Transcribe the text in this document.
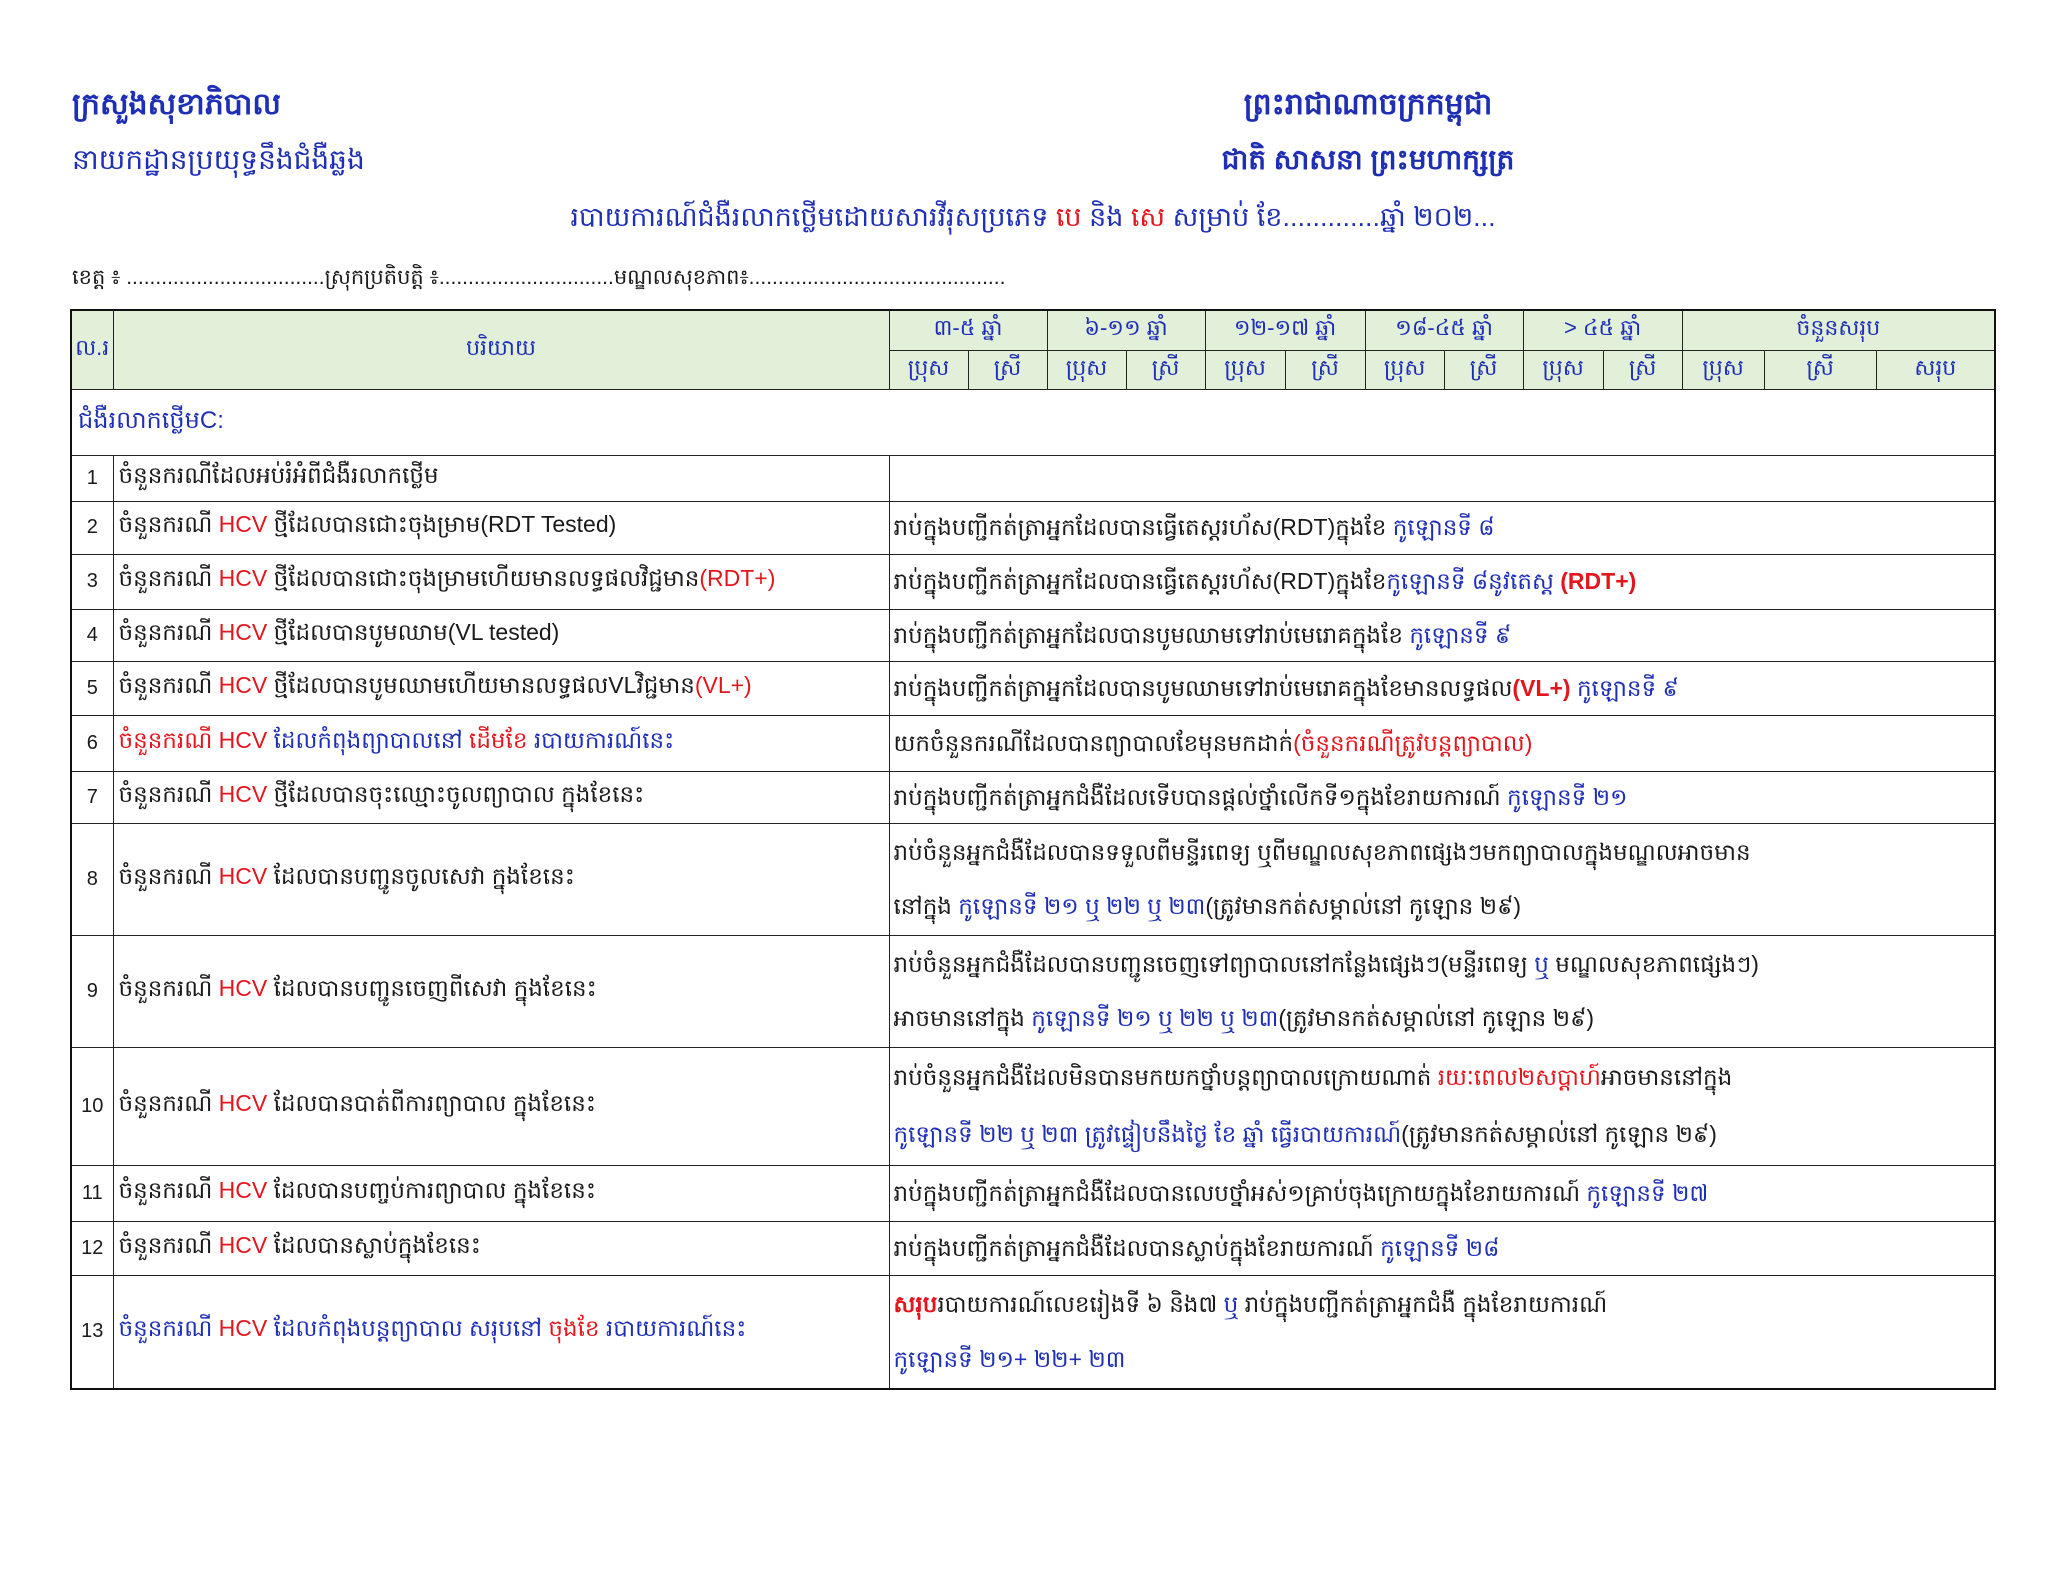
ក្រសួងសុខាភិបាល
នាយកដ្ឋានប្រយុទ្ធនឹងជំងឺឆ្លង
ព្រះរាជាណាចក្រកម្ពុជា
ជាតិ សាសនា ព្រះមហាក្សត្រ
របាយការណ៍ជំងឺរលាកថ្លើមដោយសារវីរុសប្រភេទ បេ និង សេ សម្រាប់ ខែ.............ឆ្នាំ ២០២...
ខេត្ត ៖ ..................................ស្រុកប្រតិបត្តិ ៖..............................មណ្ឌលសុខភាព៖............................................
ល.រ	បរិយាយ	៣-៥ ឆ្នាំ		៦-១១ ឆ្នាំ		១២-១៧ ឆ្នាំ		១៨-៤៥ ឆ្នាំ		> ៤៥ ឆ្នាំ		ចំនួនសរុប		
		ប្រុស	ស្រី	ប្រុស	ស្រី	ប្រុស	ស្រី	ប្រុស	ស្រី	ប្រុស	ស្រី	ប្រុស	ស្រី	សរុប
ជំងឺរលាកថ្លើមC:														
1	ចំនួនករណីដែលអប់រំអំពីជំងឺរលាកថ្លើម													
2	ចំនួនករណី HCV ថ្មីដែលបានជោះចុងម្រាម(RDT Tested)	រាប់ក្នុងបញ្ជីកត់ត្រាអ្នកដែលបានធ្វើតេស្តរហ័ស(RDT)ក្នុងខែ កូឡោនទី ៨												

3	ចំនួនករណី HCV ថ្មីដែលបានជោះចុងម្រាមហើយមានលទ្ធផលវិជ្ជមាន(RDT+)	រាប់ក្នុងបញ្ជីកត់ត្រាអ្នកដែលបានធ្វើតេស្តរហ័ស(RDT)ក្នុងខែកូឡោនទី ៨នូវតេស្ត (RDT+)												

4	ចំនួនករណី HCV ថ្មីដែលបានបូមឈាម(VL tested)	រាប់ក្នុងបញ្ជីកត់ត្រាអ្នកដែលបានបូមឈាមទៅរាប់មេរោគក្នុងខែ កូឡោនទី ៩												

5	ចំនួនករណី HCV ថ្មីដែលបានបូមឈាមហើយមានលទ្ធផលVLវិជ្ជមាន(VL+)	រាប់ក្នុងបញ្ជីកត់ត្រាអ្នកដែលបានបូមឈាមទៅរាប់មេរោគក្នុងខែមានលទ្ធផល(VL+) កូឡោនទី ៩												

6	ចំនួនករណី HCV ដែលកំពុងព្យាបាលនៅ ដើមខែ របាយការណ៍នេះ	យកចំនួនករណីដែលបានព្យាបាលខែមុនមកដាក់(ចំនួនករណីត្រូវបន្តព្យាបាល)												

7	ចំនួនករណី HCV ថ្មីដែលបានចុះឈ្មោះចូលព្យាបាល ក្នុងខែនេះ	រាប់ក្នុងបញ្ជីកត់ត្រាអ្នកជំងឺដែលទើបបានផ្តល់ថ្នាំលើកទី១ក្នុងខែរាយការណ៍ កូឡោនទី ២១												

8	ចំនួនករណី HCV ដែលបានបញ្ជូនចូលសេវា ក្នុងខែនេះ	រាប់ចំនួនអ្នកជំងឺដែលបានទទួលពីមន្ទីរពេទ្យ ឬពីមណ្ឌលសុខភាពផ្សេងៗមកព្យាបាលក្នុងមណ្ឌលអាចមាន
នៅក្នុង កូឡោនទី ២១ ឬ ២២ ឬ ២៣(ត្រូវមានកត់សម្គាល់នៅ កូឡោន ២៩)												

9	ចំនួនករណី HCV ដែលបានបញ្ជូនចេញពីសេវា ក្នុងខែនេះ	រាប់ចំនួនអ្នកជំងឺដែលបានបញ្ជូនចេញទៅព្យាបាលនៅកន្លែងផ្សេងៗ(មន្ទីរពេទ្យ ឬ មណ្ឌលសុខភាពផ្សេងៗ)
អាចមាននៅក្នុង កូឡោនទី ២១ ឬ ២២ ឬ ២៣(ត្រូវមានកត់សម្គាល់នៅ កូឡោន ២៩)												

10	ចំនួនករណី HCV ដែលបានបាត់ពីការព្យាបាល ក្នុងខែនេះ	រាប់ចំនួនអ្នកជំងឺដែលមិនបានមកយកថ្នាំបន្តព្យាបាលក្រោយណាត់ រយៈពេល២សប្តាហ៍អាចមាននៅក្នុង
កូឡោនទី ២២ ឬ ២៣ ត្រូវផ្ទៀបនឹងថ្ងៃ ខែ ឆ្នាំ ធ្វើរបាយការណ៍(ត្រូវមានកត់សម្គាល់នៅ កូឡោន ២៩)												

11	ចំនួនករណី HCV ដែលបានបញ្ចប់ការព្យាបាល ក្នុងខែនេះ	រាប់ក្នុងបញ្ជីកត់ត្រាអ្នកជំងឺដែលបានលេបថ្នាំអស់១គ្រាប់ចុងក្រោយក្នុងខែរាយការណ៍ កូឡោនទី ២៧												

12	ចំនួនករណី HCV ដែលបានស្លាប់ក្នុងខែនេះ	រាប់ក្នុងបញ្ជីកត់ត្រាអ្នកជំងឺដែលបានស្លាប់ក្នុងខែរាយការណ៍ កូឡោនទី ២៨												

13	ចំនួនករណី HCV ដែលកំពុងបន្តព្យាបាល សរុបនៅ ចុងខែ របាយការណ៍នេះ	សរុបរបាយការណ៍លេខរៀងទី ៦ និង៧ ឬ រាប់ក្នុងបញ្ជីកត់ត្រាអ្នកជំងឺ ក្នុងខែរាយការណ៍
កូឡោនទី ២១+ ២២+ ២៣												
